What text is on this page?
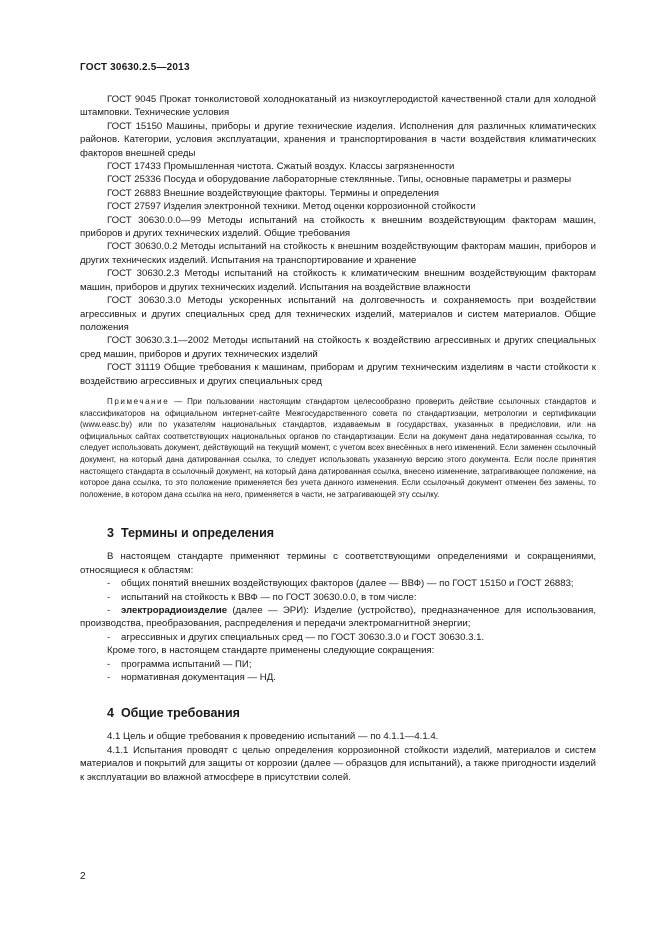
ГОСТ 30630.2.5—2013

ГОСТ 9045 Прокат тонколистовой холоднокатаный из низкоуглеродистой качественной стали для холодной штамповки. Технические условия

ГОСТ 15150 Машины, приборы и другие технические изделия. Исполнения для различных климатических районов. Категории, условия эксплуатации, хранения и транспортирования в части воздействия климатических факторов внешней среды

ГОСТ 17433 Промышленная чистота. Сжатый воздух. Классы загрязненности

ГОСТ 25336 Посуда и оборудование лабораторные стеклянные. Типы, основные параметры и размеры

ГОСТ 26883 Внешние воздействующие факторы. Термины и определения

ГОСТ 27597 Изделия электронной техники. Метод оценки коррозионной стойкости

ГОСТ 30630.0.0—99 Методы испытаний на стойкость к внешним воздействующим факторам машин, приборов и других технических изделий. Общие требования

ГОСТ 30630.0.2 Методы испытаний на стойкость к внешним воздействующим факторам машин, приборов и других технических изделий. Испытания на транспортирование и хранение

ГОСТ 30630.2.3 Методы испытаний на стойкость к климатическим внешним воздействующим факторам машин, приборов и других технических изделий. Испытания на воздействие влажности

ГОСТ 30630.3.0 Методы ускоренных испытаний на долговечность и сохраняемость при воздействии агрессивных и других специальных сред для технических изделий, материалов и систем материалов. Общие положения

ГОСТ 30630.3.1—2002 Методы испытаний на стойкость к воздействию агрессивных и других специальных сред машин, приборов и других технических изделий

ГОСТ 31119 Общие требования к машинам, приборам и другим техническим изделиям в части стойкости к воздействию агрессивных и других специальных сред

Примечание — При пользовании настоящим стандартом целесообразно проверить действие ссылочных стандартов и классификаторов на официальном интернет-сайте Межгосударственного совета по стандартизации, метрологии и сертификации (www.easc.by) или по указателям национальных стандартов, издаваемым в государствах, указанных в предисловии, или на официальных сайтах соответствующих национальных органов по стандартизации. Если на документ дана недатированная ссылка, то следует использовать документ, действующий на текущий момент, с учетом всех внесённых в него изменений. Если заменен ссылочный документ, на который дана датированная ссылка, то следует использовать указанную версию этого документа. Если после принятия настоящего стандарта в ссылочный документ, на который дана датированная ссылка, внесено изменение, затрагивающее положение, на которое дана ссылка, то это положение применяется без учета данного изменения. Если ссылочный документ отменен без замены, то положение, в котором дана ссылка на него, применяется в части, не затрагивающей эту ссылку.

3 Термины и определения

В настоящем стандарте применяют термины с соответствующими определениями и сокращениями, относящиеся к областям:

- общих понятий внешних воздействующих факторов (далее — ВВФ) — по ГОСТ 15150 и ГОСТ 26883;

- испытаний на стойкость к ВВФ — по ГОСТ 30630.0.0, в том числе:

- электрорадиоизделие (далее — ЭРИ): Изделие (устройство), предназначенное для использования, производства, преобразования, распределения и передачи электромагнитной энергии;

- агрессивных и других специальных сред — по ГОСТ 30630.3.0 и ГОСТ 30630.3.1.

Кроме того, в настоящем стандарте применены следующие сокращения:

- программа испытаний — ПИ;

- нормативная документация — НД.

4 Общие требования

4.1 Цель и общие требования к проведению испытаний — по 4.1.1—4.1.4.

4.1.1 Испытания проводят с целью определения коррозионной стойкости изделий, материалов и систем материалов и покрытий для защиты от коррозии (далее — образцов для испытаний), а также пригодности изделий к эксплуатации во влажной атмосфере в присутствии солей.

2
